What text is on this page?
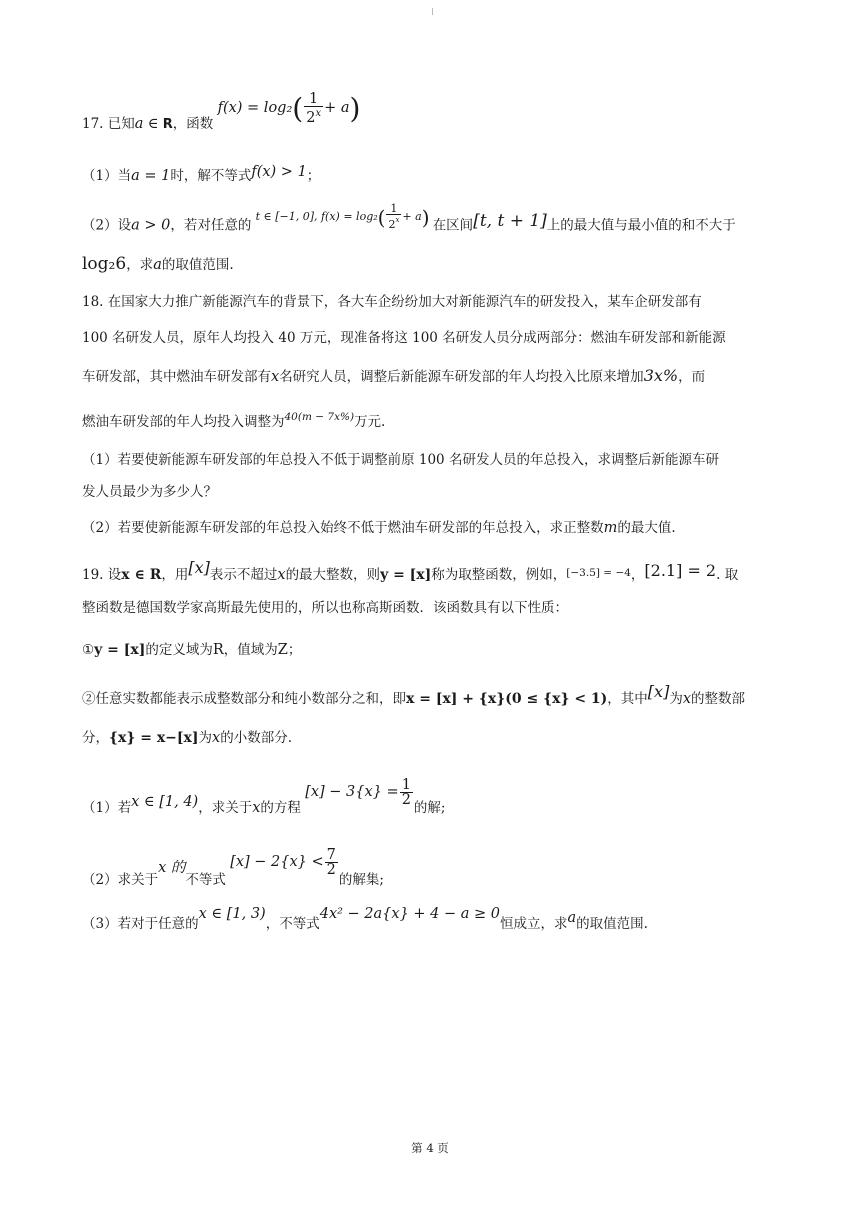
17. 已知a ∈ R，函数 $f(x) = \log_2( \frac{1}{2^x} + a)$
（1）当a = 1时，解不等式f(x) > 1；
（2）设a > 0，若对任意的 $^{t \in [-1, 0], f(x) = log_2( \frac{1}{2^x} + a)}$ 在区间[t, t + 1]上的最大值与最小值的和不大于
log₂6，求a的取值范围.
18. 在国家大力推广新能源汽车的背景下，各大车企纷纷加大对新能源汽车的研发投入，某车企研发部有
100 名研发人员，原年人均投入 40 万元，现准备将这 100 名研发人员分成两部分：燃油车研发部和新能源
车研发部，其中燃油车研发部有x名研究人员，调整后新能源车研发部的年人均投入比原来增加3x%，而
燃油车研发部的年人均投入调整为$^{40(m - 7x\%)}$万元.
（1）若要使新能源车研发部的年总投入不低于调整前原 100 名研发人员的年总投入，求调整后新能源车研
发人员最少为多少人？
（2）若要使新能源车研发部的年总投入始终不低于燃油车研发部的年总投入，求正整数m的最大值.
19. 设x ∈ R，用[x]表示不超过x的最大整数，则y = [x]称为取整函数，例如，$^{[-3.5] = -4}$，[2.1] = 2. 取
整函数是德国数学家高斯最先使用的，所以也称高斯函数．该函数具有以下性质：
①y = [x]的定义域为R，值域为Z；
②任意实数都能表示成整数部分和纯小数部分之和，即x = [x] + {x}(0 ≤ {x} < 1)，其中[x]为x的整数部
分，{x} = x−[x]为x的小数部分.
（1）若x ∈ [1, 4)，求关于x的方程 $[x] - 3\{x\} = \frac{1}{2}$
的解;
（2）求关于x 的不等式 $[x] - 2\{x\} < \frac{7}{2}$
的解集;
（3）若对于任意的x ∈ [1, 3)，不等式4x² − 2a{x} + 4 − a ≥ 0恒成立，求a的取值范围.
第 4 页
